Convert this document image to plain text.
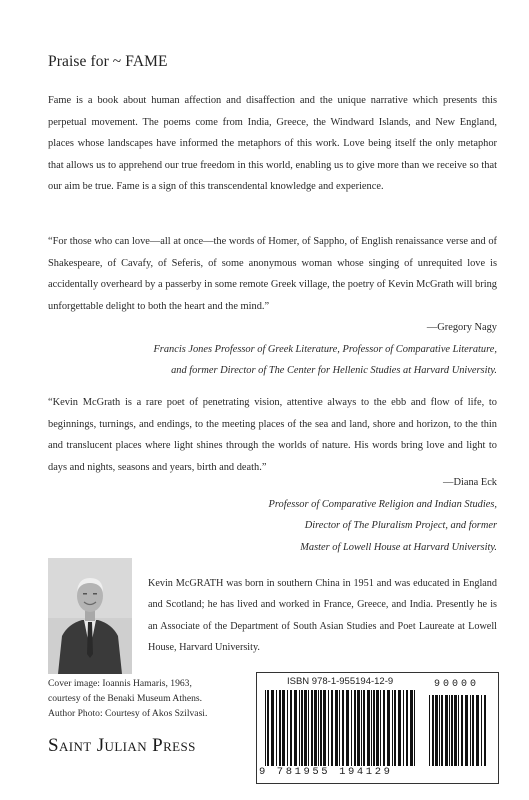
Praise for ~ FAME

Fame is a book about human affection and disaffection and the unique narrative which presents this perpetual movement. The poems come from India, Greece, the Windward Islands, and New England, places whose landscapes have informed the metaphors of this work. Love being itself the only metaphor that allows us to apprehend our true freedom in this world, enabling us to give more than we receive so that our aim be true. Fame is a sign of this transcendental knowledge and experience.

“For those who can love—all at once—the words of Homer, of Sappho, of English renaissance verse and of Shakespeare, of Cavafy, of Seferis, of some anonymous woman whose singing of unrequited love is accidentally overheard by a passerby in some remote Greek village, the poetry of Kevin McGrath will bring unforgettable delight to both the heart and the mind.”

—Gregory Nagy
Francis Jones Professor of Greek Literature, Professor of Comparative Literature,
and former Director of The Center for Hellenic Studies at Harvard University.

“Kevin McGrath is a rare poet of penetrating vision, attentive always to the ebb and flow of life, to beginnings, turnings, and endings, to the meeting places of the sea and land, shore and horizon, to the thin and translucent places where light shines through the worlds of nature. His words bring love and light to days and nights, seasons and years, birth and death.”

—Diana Eck
Professor of Comparative Religion and Indian Studies,
Director of The Pluralism Project, and former
Master of Lowell House at Harvard University.
Kevin McGRATH was born in southern China in 1951 and was educated in England and Scotland; he has lived and worked in France, Greece, and India. Presently he is an Associate of the Department of South Asian Studies and Poet Laureate at Lowell House, Harvard University.
Cover image: Ioannis Hamaris, 1963,
courtesy of the Benaki Museum Athens.
Author Photo: Courtesy of Akos Szilvasi.
Saint Julian Press
ISBN 978-1-955194-12-9	90000
9 781955 194129
